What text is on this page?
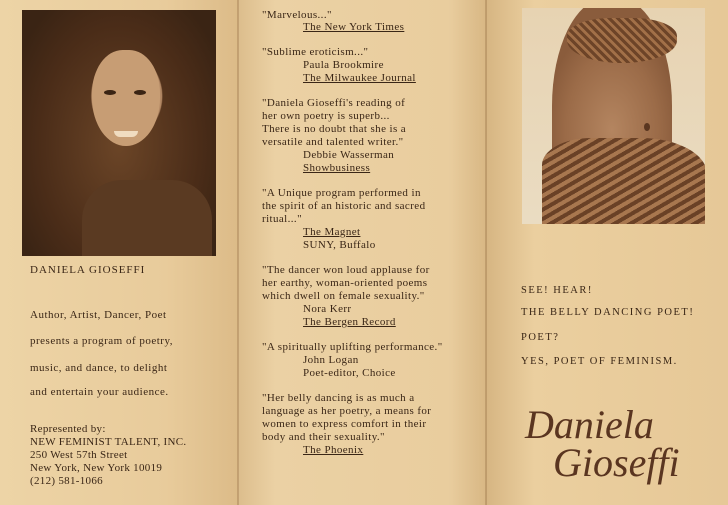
DANIELA GIOSEFFI
Author, Artist, Dancer, Poet
presents a program of poetry,
music, and dance, to delight
and entertain your audience.
Represented by:
NEW FEMINIST TALENT, INC.
250 West 57th Street
New York, New York 10019
(212) 581-1066
"Marvelous..."
The New York Times
"Sublime eroticism..."
Paula Brookmire
The Milwaukee Journal
"Daniela Gioseffi's reading of
her own poetry is superb...
There is no doubt that she is a
versatile and talented writer."
Debbie Wasserman
Showbusiness
"A Unique program performed in
the spirit of an historic and sacred
ritual..."
The Magnet
SUNY, Buffalo
"The dancer won loud applause for
her earthy, woman-oriented poems
which dwell on female sexuality."
Nora Kerr
The Bergen Record
"A spiritually uplifting performance."
John Logan
Poet-editor, Choice
"Her belly dancing is as much a
language as her poetry, a means for
women to express comfort in their
body and their sexuality."
The Phoenix
SEE! HEAR!
THE BELLY DANCING POET!
POET?
YES, POET OF FEMINISM.
Daniela
Gioseffi
